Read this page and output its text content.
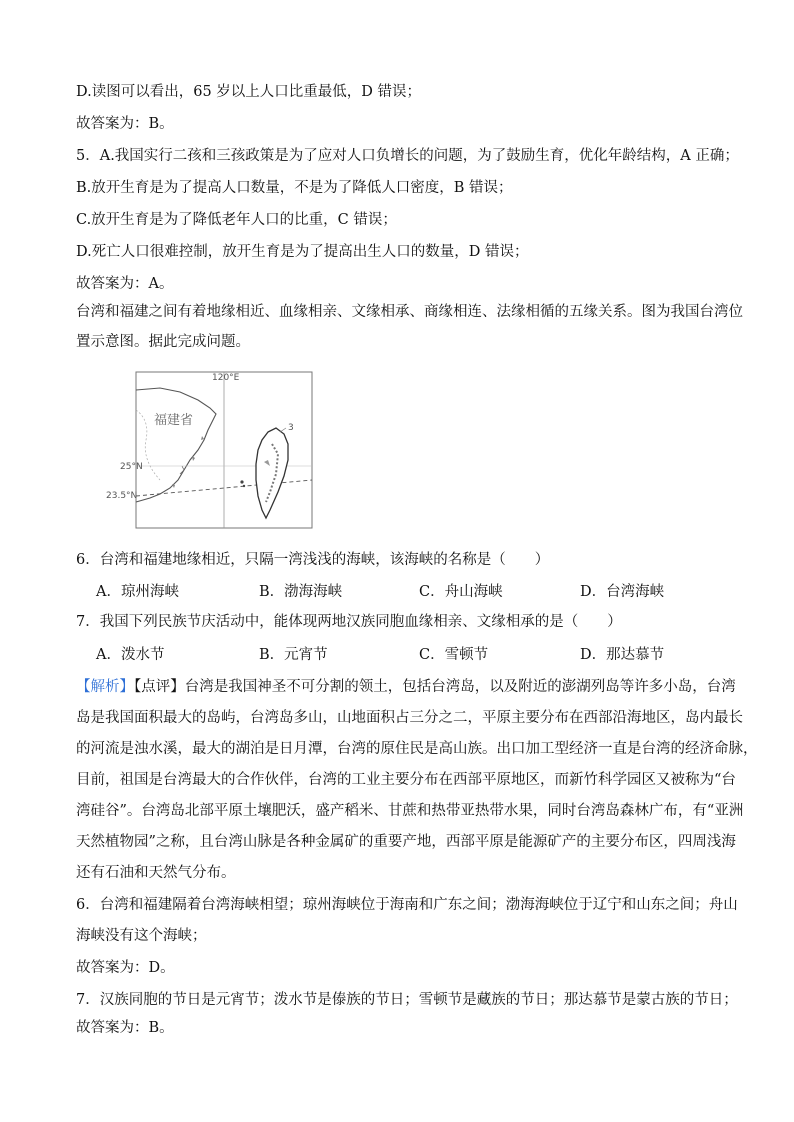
D.读图可以看出，65 岁以上人口比重最低，D 错误；
故答案为：B。
5．A.我国实行二孩和三孩政策是为了应对人口负增长的问题，为了鼓励生育，优化年龄结构，A 正确；
B.放开生育是为了提高人口数量，不是为了降低人口密度，B 错误；
C.放开生育是为了降低老年人口的比重，C 错误；
D.死亡人口很难控制，放开生育是为了提高出生人口的数量，D 错误；
故答案为：A。
台湾和福建之间有着地缘相近、血缘相亲、文缘相承、商缘相连、法缘相循的五缘关系。图为我国台湾位
置示意图。据此完成问题。
120°E
福建省
25°N
23.5°N
3
6．台湾和福建地缘相近，只隔一湾浅浅的海峡，该海峡的名称是（　　）
A．琼州海峡	B．渤海海峡	C．舟山海峡	D．台湾海峡
7．我国下列民族节庆活动中，能体现两地汉族同胞血缘相亲、文缘相承的是（　　）
A．泼水节	B．元宵节	C．雪顿节	D．那达慕节
【解析】【点评】台湾是我国神圣不可分割的领土，包括台湾岛，以及附近的澎湖列岛等许多小岛，台湾
岛是我国面积最大的岛屿，台湾岛多山，山地面积占三分之二，平原主要分布在西部沿海地区，岛内最长
的河流是浊水溪，最大的湖泊是日月潭，台湾的原住民是高山族。出口加工型经济一直是台湾的经济命脉，
目前，祖国是台湾最大的合作伙伴，台湾的工业主要分布在西部平原地区，而新竹科学园区又被称为“台
湾硅谷”。台湾岛北部平原土壤肥沃，盛产稻米、甘蔗和热带亚热带水果，同时台湾岛森林广布，有“亚洲
天然植物园”之称，且台湾山脉是各种金属矿的重要产地，西部平原是能源矿产的主要分布区，四周浅海
还有石油和天然气分布。
6．台湾和福建隔着台湾海峡相望；琼州海峡位于海南和广东之间；渤海海峡位于辽宁和山东之间；舟山
海峡没有这个海峡；
故答案为：D。
7．汉族同胞的节日是元宵节；泼水节是傣族的节日；雪顿节是藏族的节日；那达慕节是蒙古族的节日；
故答案为：B。
